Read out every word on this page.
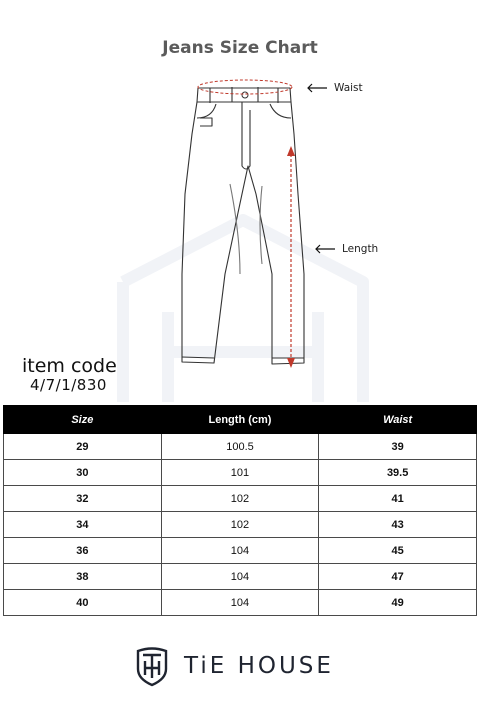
Jeans Size Chart
Waist
Length
item code
4/7/1/830
Size	Length (cm)	Waist
29	100.5	39
30	101	39.5
32	102	41
34	102	43
36	104	45
38	104	47
40	104	49
TiE HOUSE
